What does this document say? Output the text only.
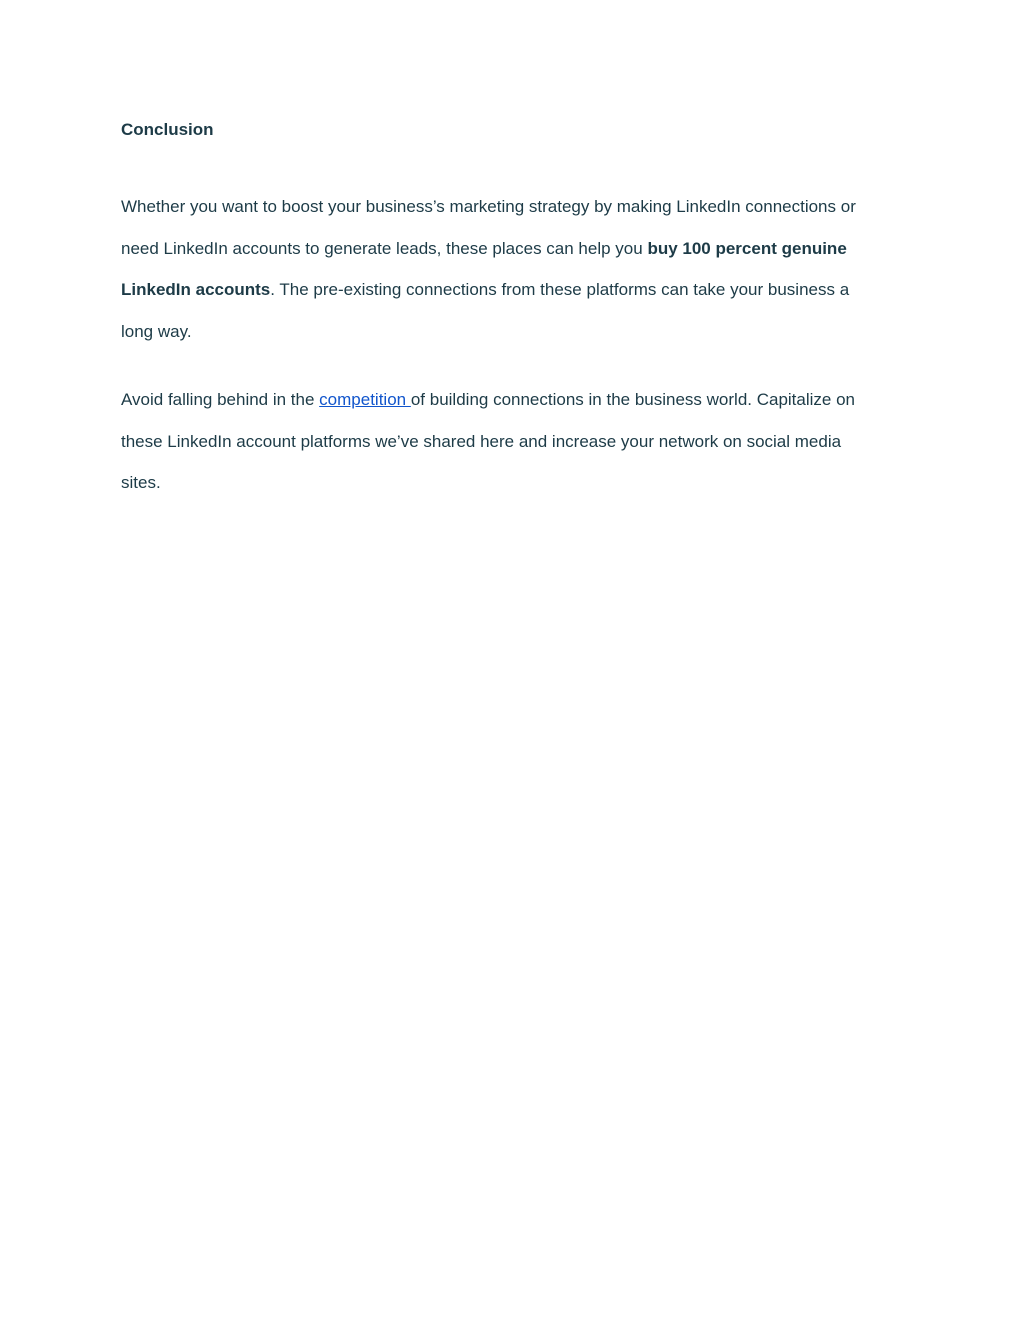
Conclusion
Whether you want to boost your business’s marketing strategy by making LinkedIn connections or
need LinkedIn accounts to generate leads, these places can help you buy 100 percent genuine
LinkedIn accounts. The pre-existing connections from these platforms can take your business a
long way.
Avoid falling behind in the competition of building connections in the business world. Capitalize on
these LinkedIn account platforms we’ve shared here and increase your network on social media
sites.
